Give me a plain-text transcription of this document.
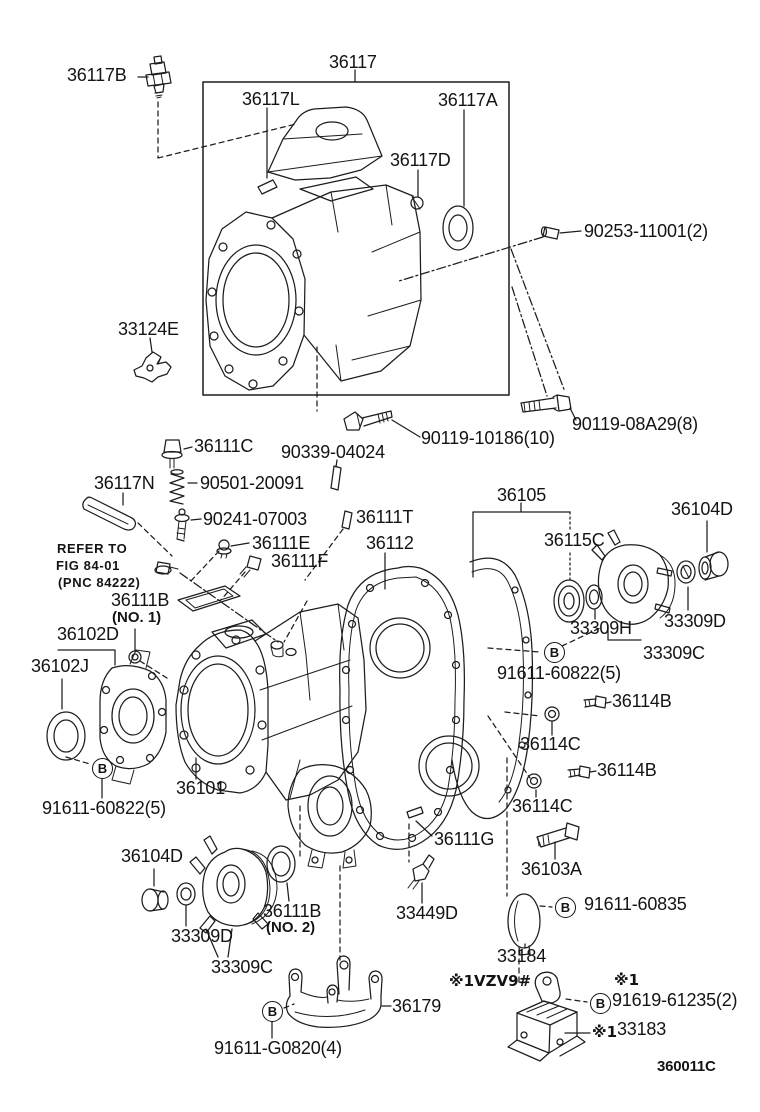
36117B
36117
36117L	36117A
36117D
90253-11001(2)
33124E
36111C 90339-04024
90119-10186(10)
90119-08A29(8)
36117N	90501-20091
90241-07003
36111E
36111F
36111T
36112
36105
36115C
36104D
33309H 33309D
33309C
REFER TO
FIG 84-01
(PNC 84222)
36111B
(NO. 1)
36102D
36102J	91611-60822(5)
36114B
36114C
36114B
36114C
36101
91611-60822(5)
36104D
33309D
33309C
36111B
(NO. 2)
33449D
36111G
36103A
91611-60835
33184
36179
※1VZV9#	※1
91619-61235(2)
※1 33183
91611-G0820(4)
360011C
B
B
B
B
B
